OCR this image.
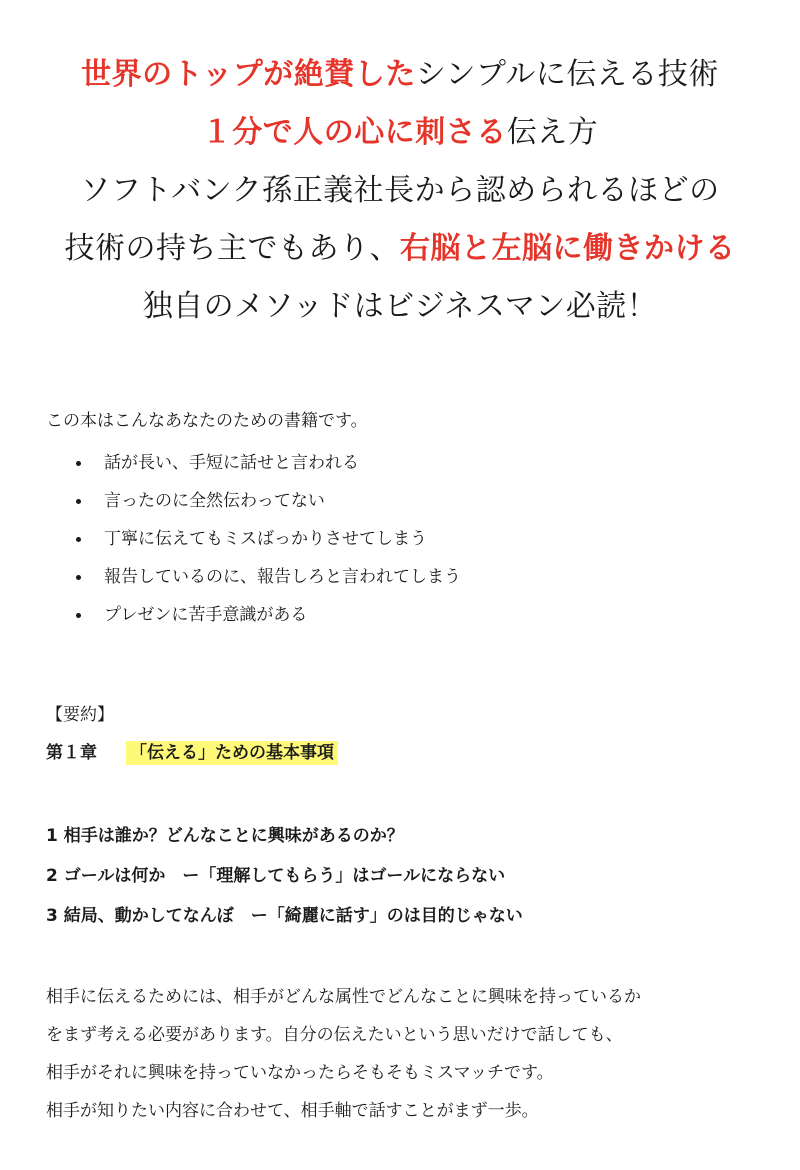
世界のトップが絶賛したシンプルに伝える技術
１分で人の心に刺さる伝え方
ソフトバンク孫正義社長から認められるほどの
技術の持ち主でもあり、右脳と左脳に働きかける
独自のメソッドはビジネスマン必読！

この本はこんなあなたのための書籍です。

話が長い、手短に話せと言われる
言ったのに全然伝わってない
丁寧に伝えてもミスばっかりさせてしまう
報告しているのに、報告しろと言われてしまう
プレゼンに苦手意識がある
【要約】
第１章 「伝える」ための基本事項
1 相手は誰か？どんなことに興味があるのか？
2 ゴールは何か　ー「理解してもらう」はゴールにならない
3 結局、動かしてなんぼ　ー「綺麗に話す」のは目的じゃない

相手に伝えるためには、相手がどんな属性でどんなことに興味を持っているか

をまず考える必要があります。自分の伝えたいという思いだけで話しても、

相手がそれに興味を持っていなかったらそもそもミスマッチです。

相手が知りたい内容に合わせて、相手軸で話すことがまず一歩。
